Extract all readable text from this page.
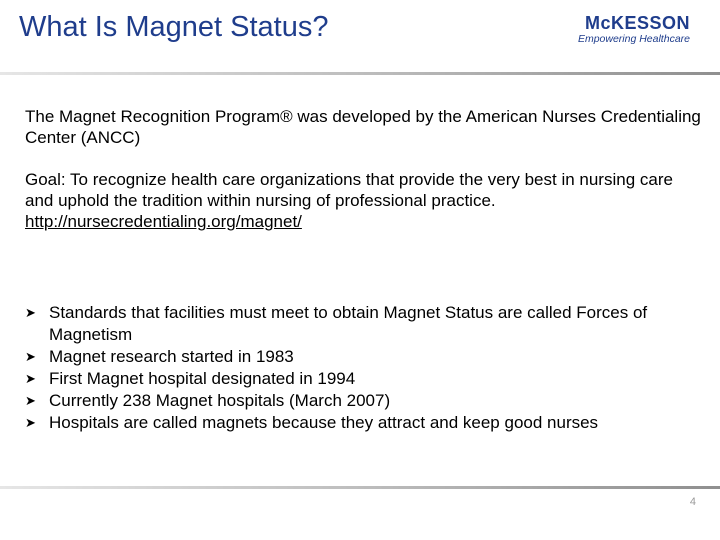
What Is Magnet Status?	McKESSON
Empowering Healthcare

The Magnet Recognition Program® was developed by the American Nurses Credentialing Center (ANCC)

Goal: To recognize health care organizations that provide the very best in nursing care and uphold the tradition within nursing of professional practice.
http://nursecredentialing.org/magnet/

➤ Standards that facilities must meet to obtain Magnet Status are called Forces of Magnetism
➤ Magnet research started in 1983
➤ First Magnet hospital designated in 1994
➤ Currently 238 Magnet hospitals (March 2007)
➤ Hospitals are called magnets because they attract and keep good nurses
4
